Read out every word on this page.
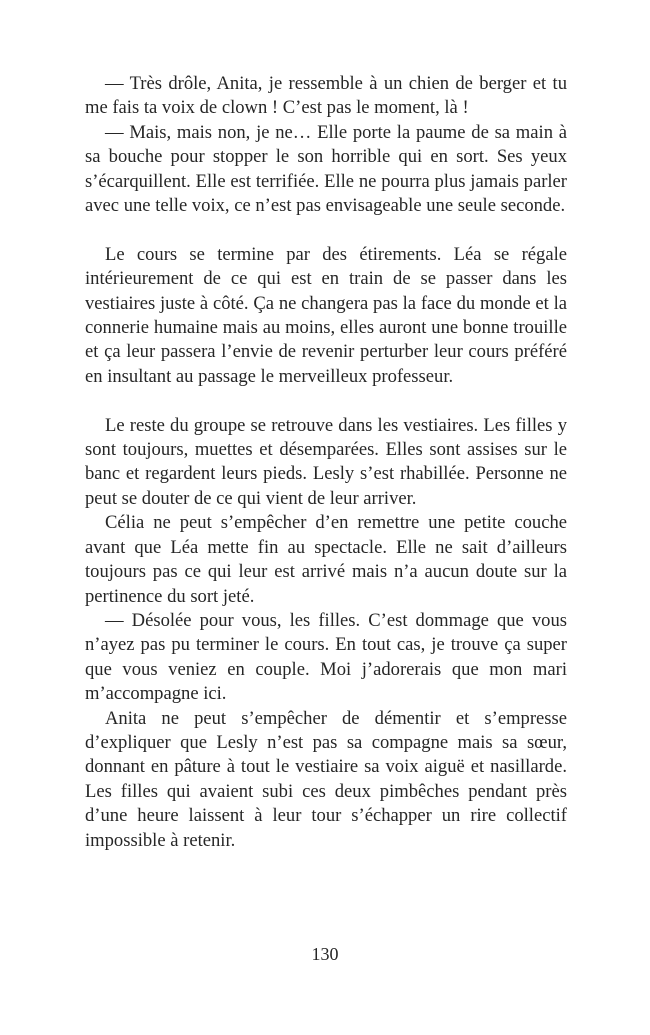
— Très drôle, Anita, je ressemble à un chien de berger et tu me fais ta voix de clown ! C’est pas le moment, là !

— Mais, mais non, je ne… Elle porte la paume de sa main à sa bouche pour stopper le son horrible qui en sort. Ses yeux s’écarquillent. Elle est terrifiée. Elle ne pourra plus jamais parler avec une telle voix, ce n’est pas envisageable une seule seconde.

Le cours se termine par des étirements. Léa se régale intérieurement de ce qui est en train de se passer dans les vestiaires juste à côté. Ça ne changera pas la face du monde et la connerie humaine mais au moins, elles auront une bonne trouille et ça leur passera l’envie de revenir perturber leur cours préféré en insultant au passage le merveilleux professeur.

Le reste du groupe se retrouve dans les vestiaires. Les filles y sont toujours, muettes et désemparées. Elles sont assises sur le banc et regardent leurs pieds. Lesly s’est rhabillée. Personne ne peut se douter de ce qui vient de leur arriver.

Célia ne peut s’empêcher d’en remettre une petite couche avant que Léa mette fin au spectacle. Elle ne sait d’ailleurs toujours pas ce qui leur est arrivé mais n’a aucun doute sur la pertinence du sort jeté.

— Désolée pour vous, les filles. C’est dommage que vous n’ayez pas pu terminer le cours. En tout cas, je trouve ça super que vous veniez en couple. Moi j’adorerais que mon mari m’accompagne ici.

Anita ne peut s’empêcher de démentir et s’empresse d’expliquer que Lesly n’est pas sa compagne mais sa sœur, donnant en pâture à tout le vestiaire sa voix aiguë et nasillarde. Les filles qui avaient subi ces deux pimbêches pendant près d’une heure laissent à leur tour s’échapper un rire collectif impossible à retenir.

130
